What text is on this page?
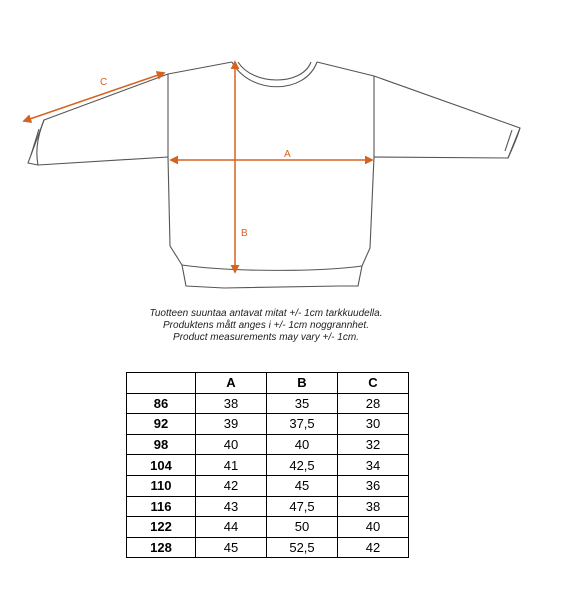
A
B
C
Tuotteen suuntaa antavat mitat +/- 1cm tarkkuudella.
Produktens mått anges i +/- 1cm noggrannhet.
Product measurements may vary +/- 1cm.
	A	B	C
86	38	35	28
92	39	37,5	30
98	40	40	32
104	41	42,5	34
110	42	45	36
116	43	47,5	38
122	44	50	40
128	45	52,5	42
